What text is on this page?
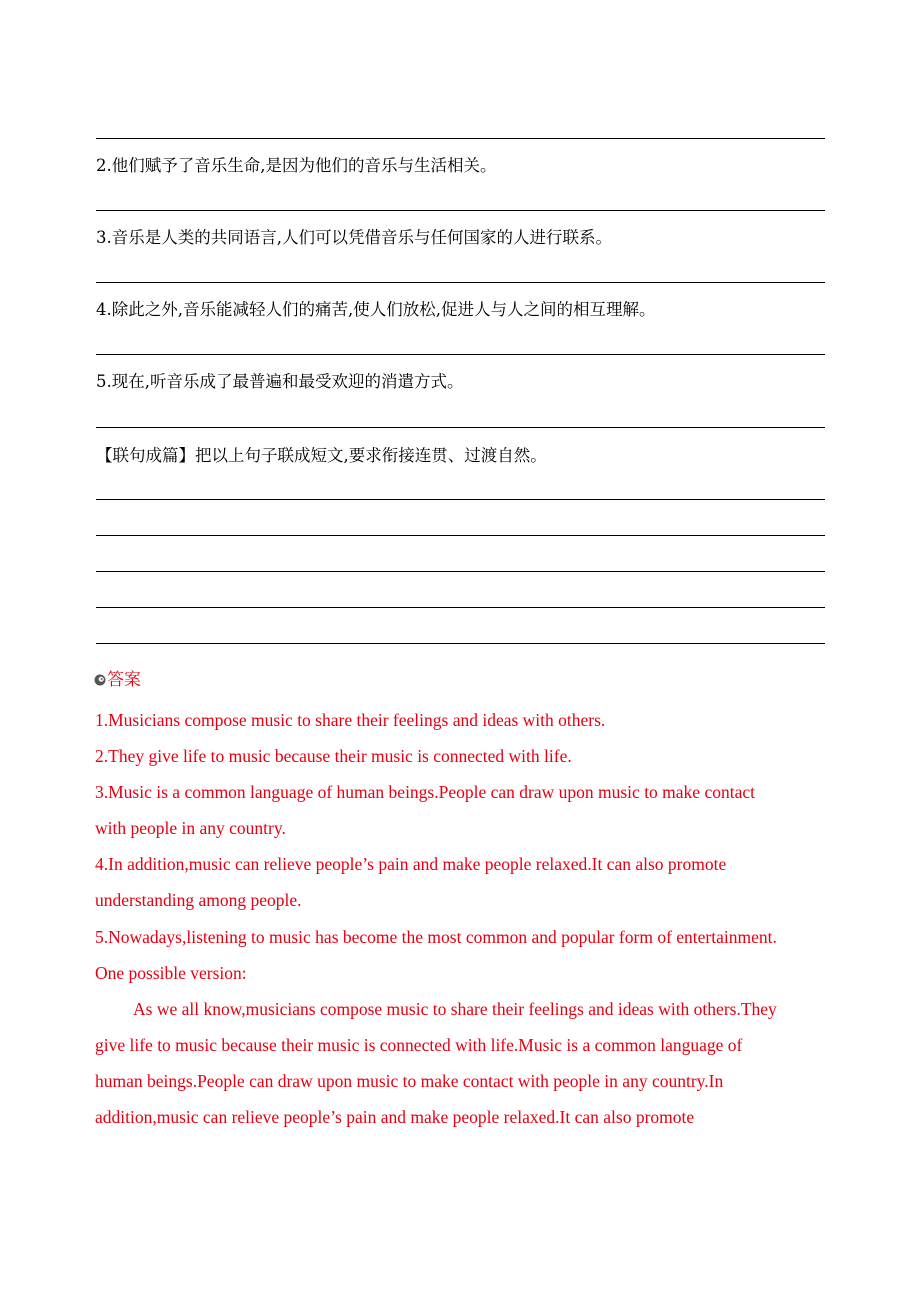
2.他们赋予了音乐生命,是因为他们的音乐与生活相关。
3.音乐是人类的共同语言,人们可以凭借音乐与任何国家的人进行联系。
4.除此之外,音乐能减轻人们的痛苦,使人们放松,促进人与人之间的相互理解。
5.现在,听音乐成了最普遍和最受欢迎的消遣方式。
【联句成篇】把以上句子联成短文,要求衔接连贯、过渡自然。
答案
1.Musicians compose music to share their feelings and ideas with others.
2.They give life to music because their music is connected with life.
3.Music is a common language of human beings.People can draw upon music to make contact
with people in any country.
4.In addition,music can relieve people’s pain and make people relaxed.It can also promote
understanding among people.
5.Nowadays,listening to music has become the most common and popular form of entertainment.
One possible version:
As we all know,musicians compose music to share their feelings and ideas with others.They
give life to music because their music is connected with life.Music is a common language of
human beings.People can draw upon music to make contact with people in any country.In
addition,music can relieve people’s pain and make people relaxed.It can also promote
